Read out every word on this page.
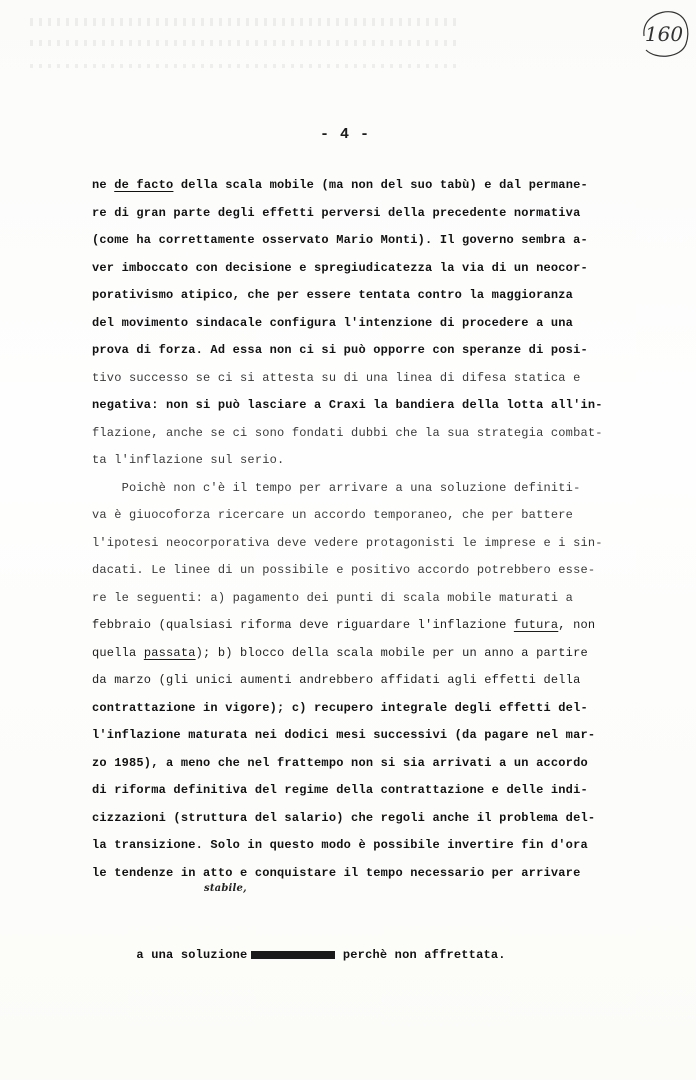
160
- 4 -
ne de facto della scala mobile (ma non del suo tabù) e dal permane-
re di gran parte degli effetti perversi della precedente normativa
(come ha correttamente osservato Mario Monti). Il governo sembra a-
ver imboccato con decisione e spregiudicatezza la via di un neocor-
porativismo atipico, che per essere tentata contro la maggioranza
del movimento sindacale configura l'intenzione di procedere a una
prova di forza. Ad essa non ci si può opporre con speranze di posi-
tivo successo se ci si attesta su di una linea di difesa statica e
negativa: non si può lasciare a Craxi la bandiera della lotta all'in-
flazione, anche se ci sono fondati dubbi che la sua strategia combat-
ta l'inflazione sul serio.
Poichè non c'è il tempo per arrivare a una soluzione definiti-
va è giuocoforza ricercare un accordo temporaneo, che per battere
l'ipotesi neocorporativa deve vedere protagonisti le imprese e i sin-
dacati. Le linee di un possibile e positivo accordo potrebbero esse-
re le seguenti: a) pagamento dei punti di scala mobile maturati a
febbraio (qualsiasi riforma deve riguardare l'inflazione futura, non
quella passata); b) blocco della scala mobile per un anno a partire
da marzo (gli unici aumenti andrebbero affidati agli effetti della
contrattazione in vigore); c) recupero integrale degli effetti del-
l'inflazione maturata nei dodici mesi successivi (da pagare nel mar-
zo 1985), a meno che nel frattempo non si sia arrivati a un accordo
di riforma definitiva del regime della contrattazione e delle indi-
cizzazioni (struttura del salario) che regoli anche il problema del-
la transizione. Solo in questo modo è possibile invertire fin d'ora
le tendenze in atto e conquistare il tempo necessario per arrivare

stabile,

a una soluzione	perchè non affrettata.
